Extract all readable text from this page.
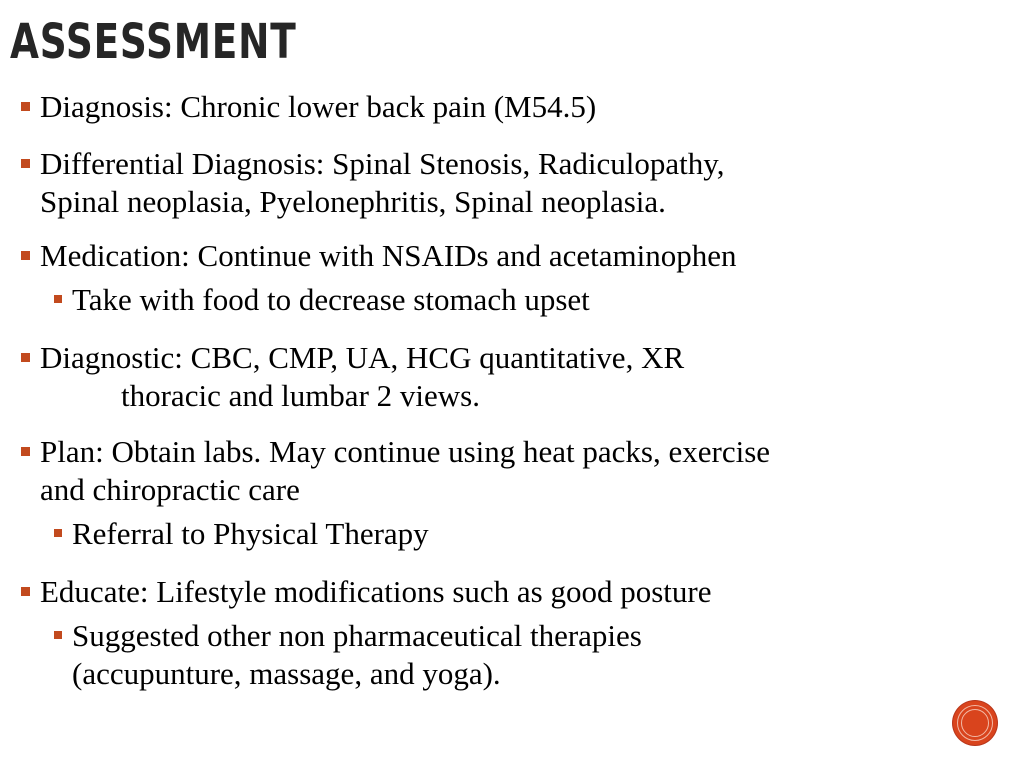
ASSESSMENT
Diagnosis: Chronic lower back pain (M54.5)
Differential Diagnosis: Spinal Stenosis, Radiculopathy,
Spinal neoplasia, Pyelonephritis, Spinal neoplasia.
Medication: Continue with NSAIDs and acetaminophen
Take with food to decrease stomach upset
Diagnostic: CBC, CMP, UA, HCG quantitative, XR
thoracic and lumbar 2 views.
Plan: Obtain labs. May continue using heat packs, exercise
and chiropractic care
Referral to Physical Therapy
Educate: Lifestyle modifications such as good posture
Suggested other non pharmaceutical therapies
(accupunture, massage, and yoga).
